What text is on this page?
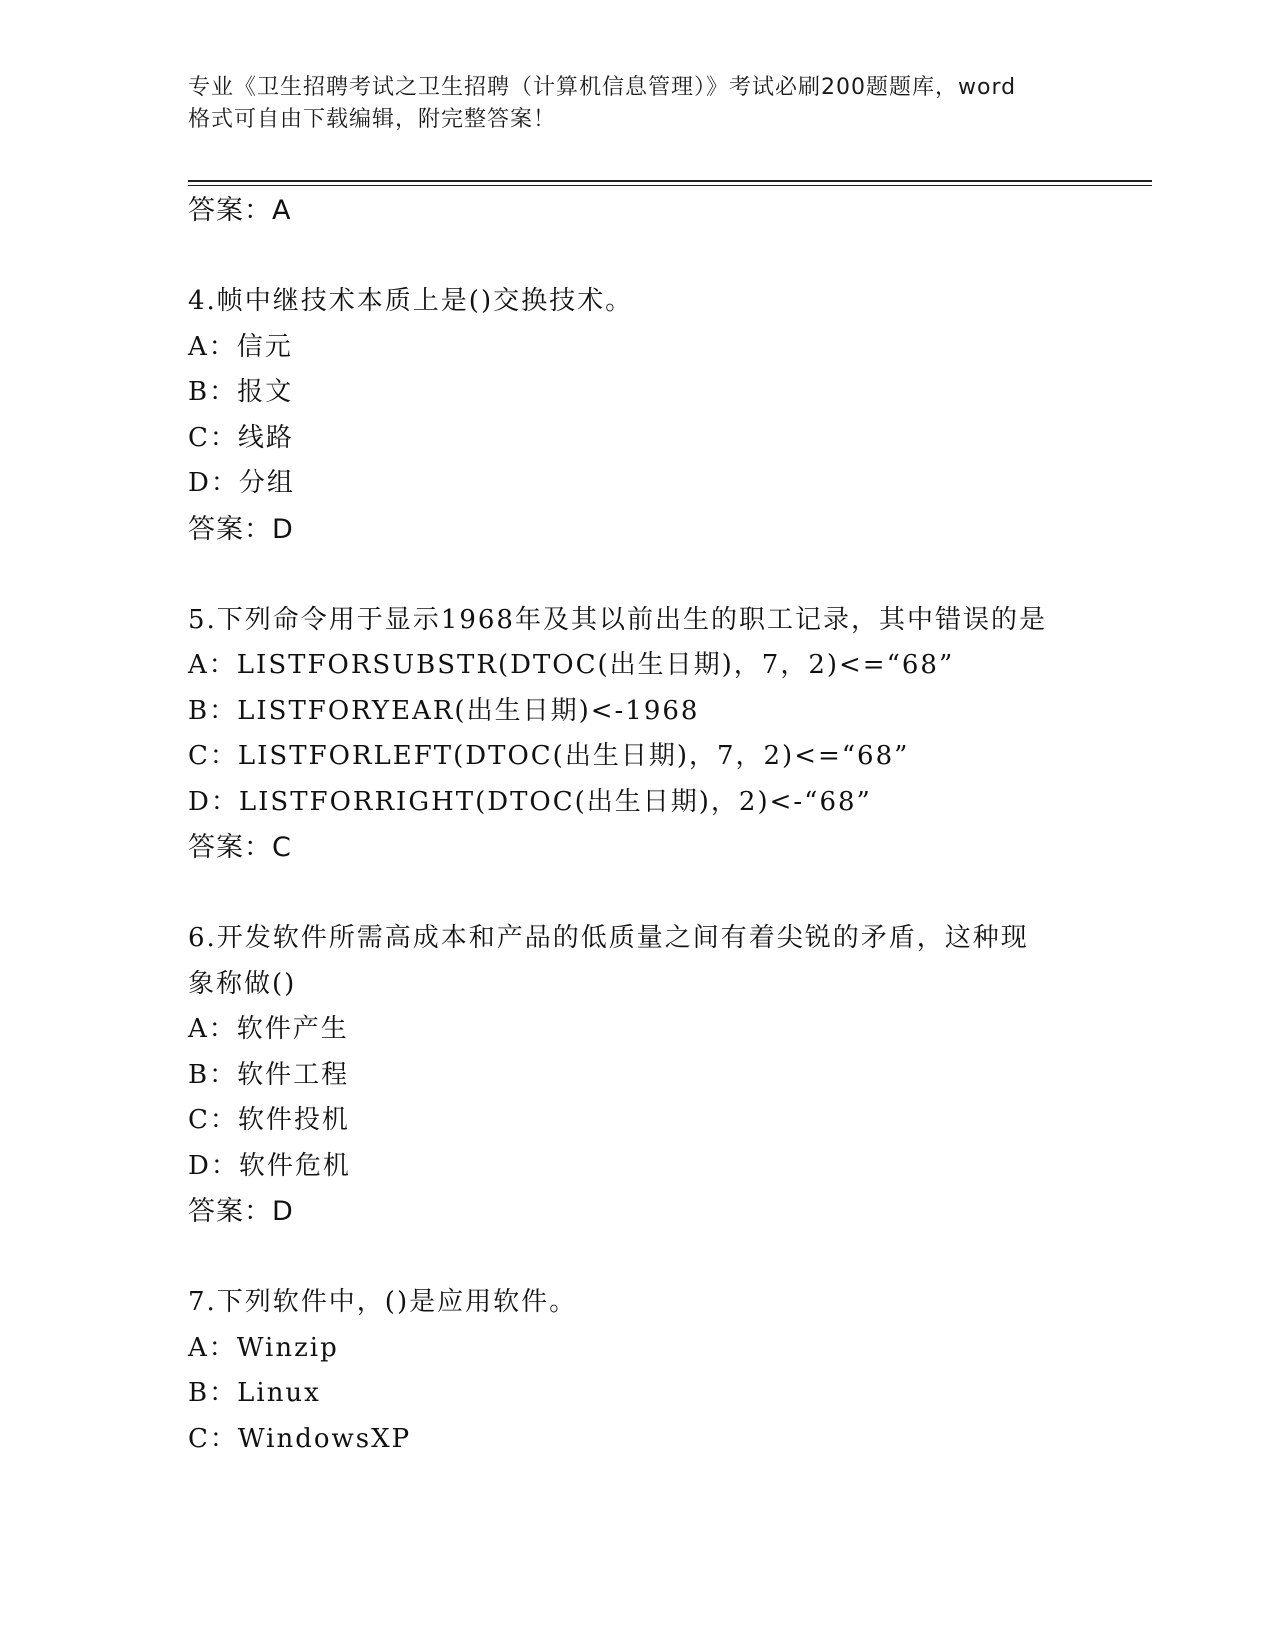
专业《卫生招聘考试之卫生招聘（计算机信息管理）》考试必刷200题题库，word
格式可自由下载编辑，附完整答案！
答案：A
4.帧中继技术本质上是()交换技术。
A：信元
B：报文
C：线路
D：分组
答案：D
5.下列命令用于显示1968年及其以前出生的职工记录，其中错误的是
A：LISTFORSUBSTR(DTOC(出生日期)，7，2)<=“68”
B：LISTFORYEAR(出生日期)<-1968
C：LISTFORLEFT(DTOC(出生日期)，7，2)<=“68”
D：LISTFORRIGHT(DTOC(出生日期)，2)<-“68”
答案：C
6.开发软件所需高成本和产品的低质量之间有着尖锐的矛盾，这种现
象称做()
A：软件产生
B：软件工程
C：软件投机
D：软件危机
答案：D
7.下列软件中，()是应用软件。
A：Winzip
B：Linux
C：WindowsXP
